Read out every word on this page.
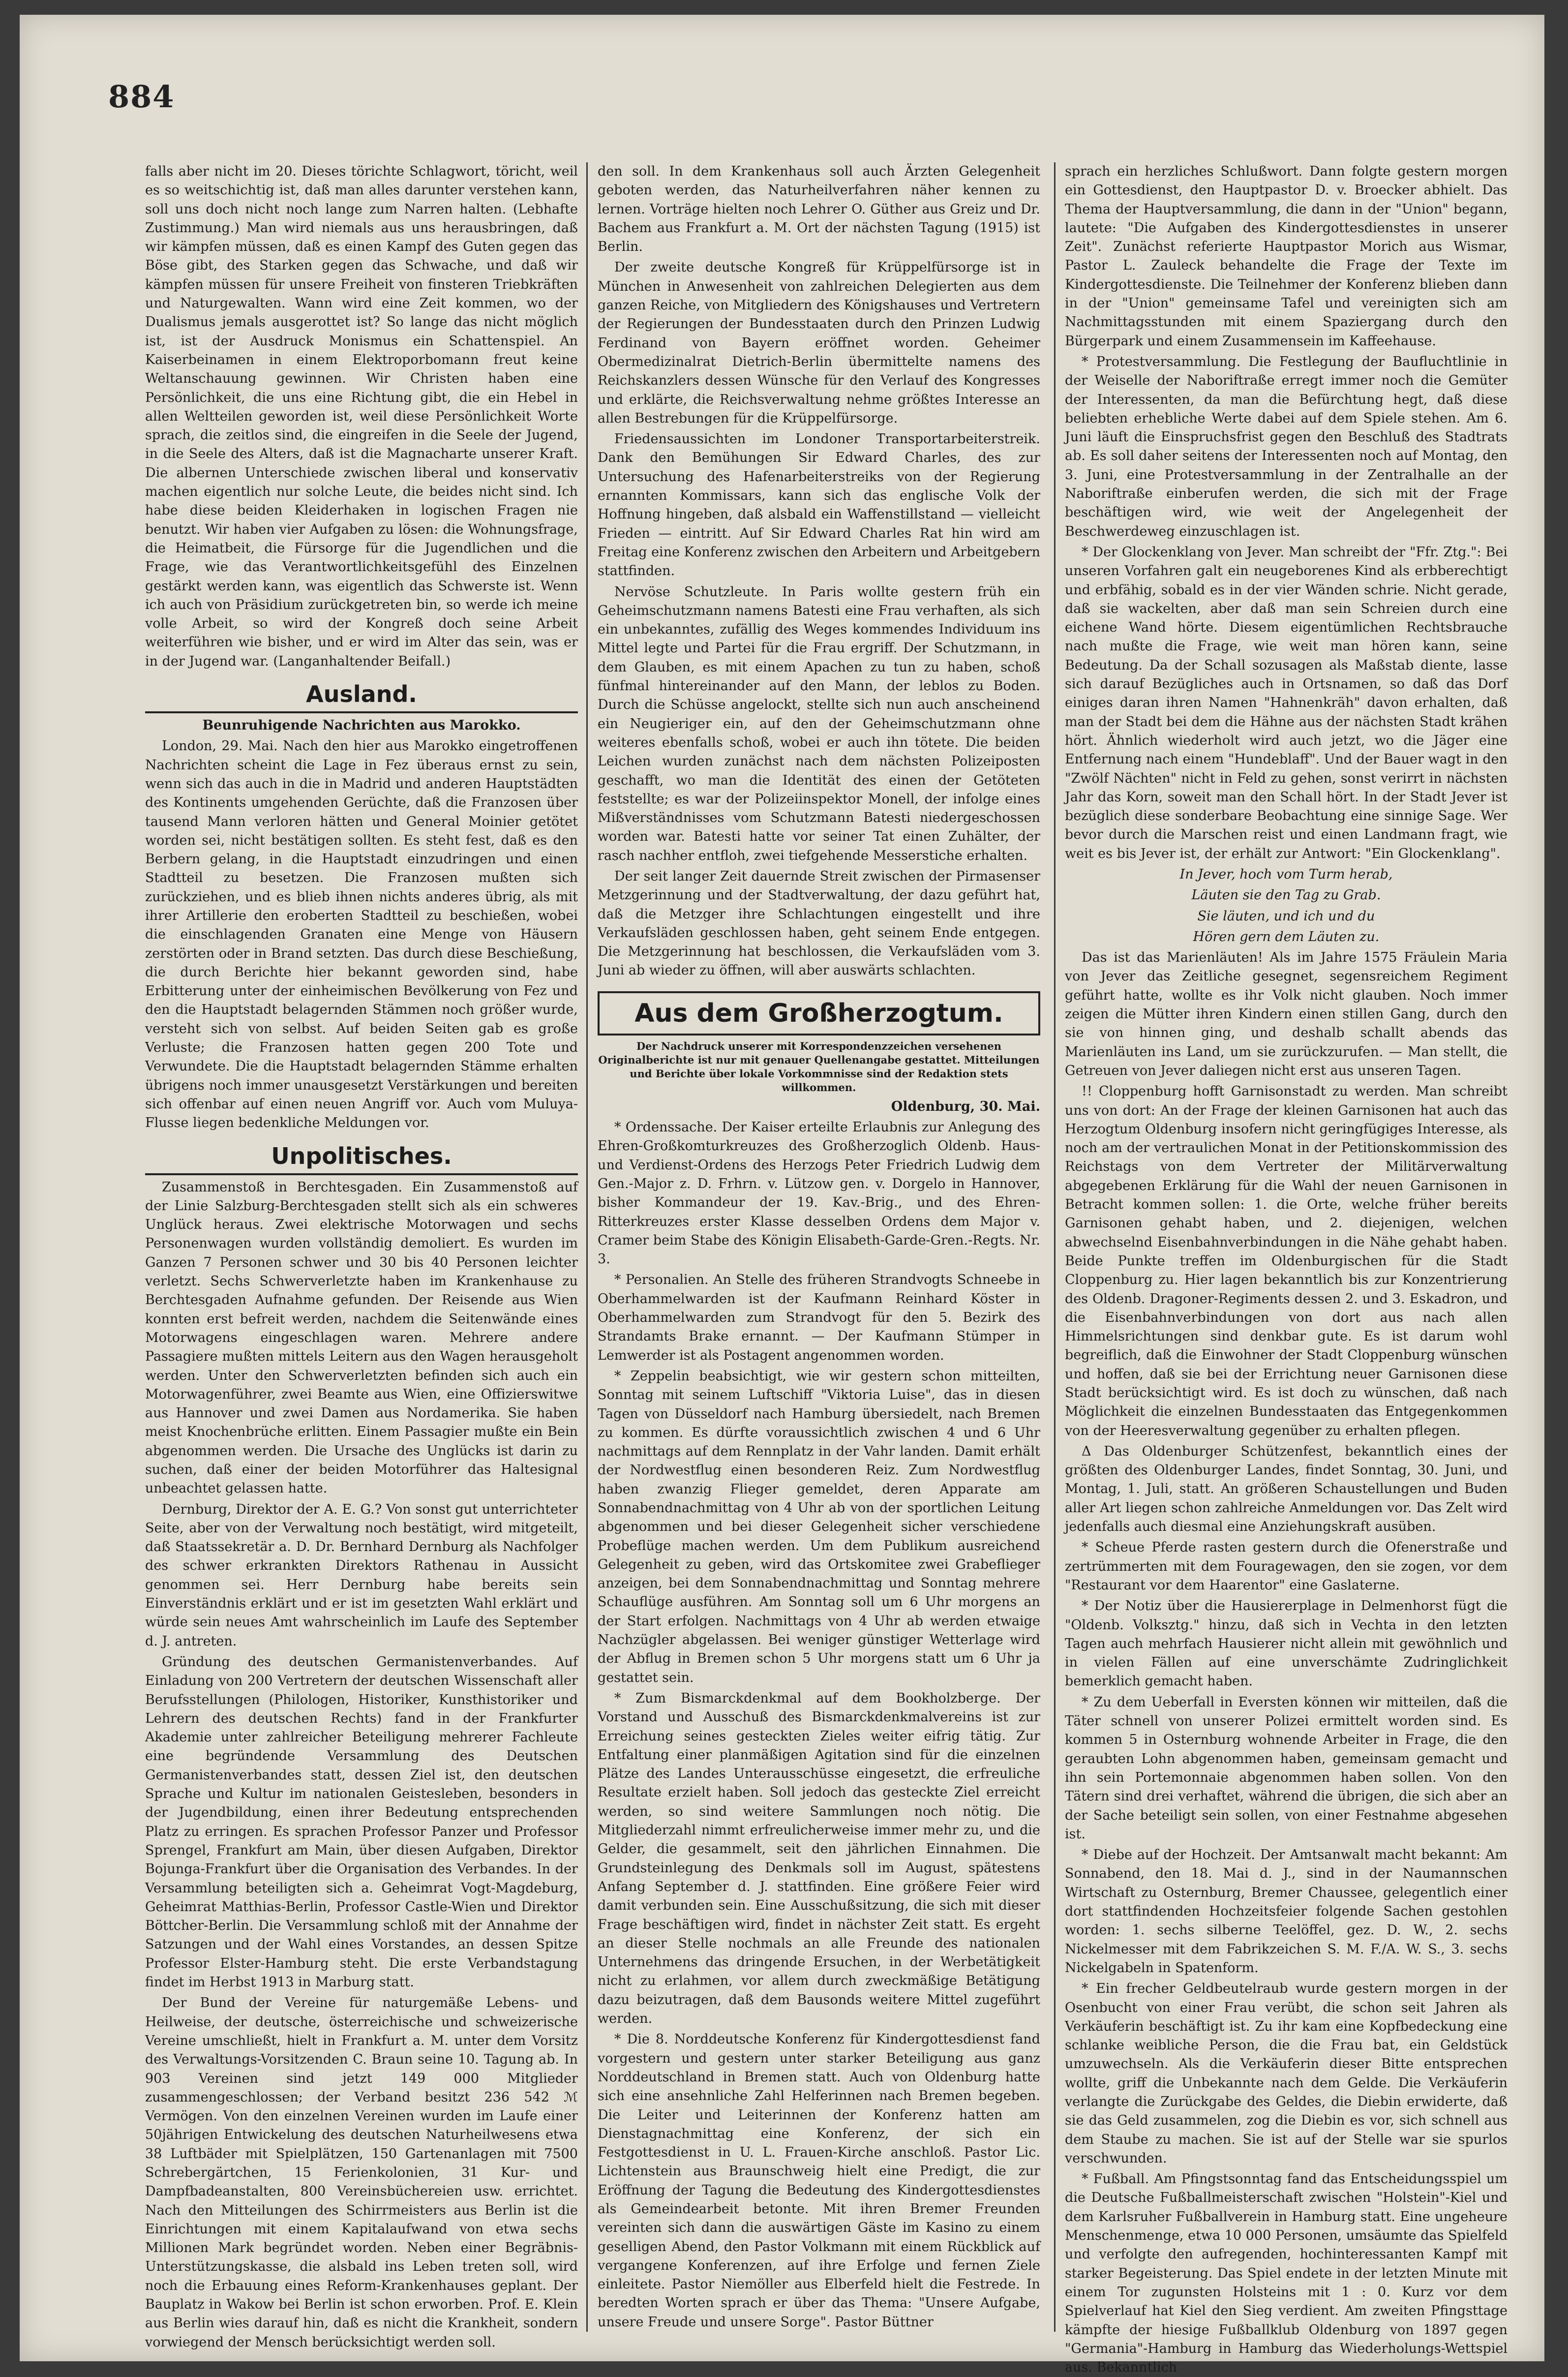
884

falls aber nicht im 20. Dieses törichte Schlagwort, töricht, weil es so weitschichtig ist, daß man alles darunter verstehen kann, soll uns doch nicht noch lange zum Narren halten. (Lebhafte Zustimmung.) Man wird niemals aus uns herausbringen, daß wir kämpfen müssen, daß es einen Kampf des Guten gegen das Böse gibt, des Starken gegen das Schwache, und daß wir kämpfen müssen für unsere Freiheit von finsteren Triebkräften und Naturgewalten. Wann wird eine Zeit kommen, wo der Dualismus jemals ausgerottet ist? So lange das nicht möglich ist, ist der Ausdruck Monismus ein Schattenspiel. An Kaiserbeinamen in einem Elektroporbomann freut keine Weltanschauung gewinnen. Wir Christen haben eine Persönlichkeit, die uns eine Richtung gibt, die ein Hebel in allen Weltteilen geworden ist, weil diese Persönlichkeit Worte sprach, die zeitlos sind, die eingreifen in die Seele der Jugend, in die Seele des Alters, daß ist die Magnacharte unserer Kraft. Die albernen Unterschiede zwischen liberal und konservativ machen eigentlich nur solche Leute, die beides nicht sind. Ich habe diese beiden Kleiderhaken in logischen Fragen nie benutzt. Wir haben vier Aufgaben zu lösen: die Wohnungsfrage, die Heimatbeit, die Fürsorge für die Jugendlichen und die Frage, wie das Verantwortlichkeitsgefühl des Einzelnen gestärkt werden kann, was eigentlich das Schwerste ist. Wenn ich auch von Präsidium zurückgetreten bin, so werde ich meine volle Arbeit, so wird der Kongreß doch seine Arbeit weiterführen wie bisher, und er wird im Alter das sein, was er in der Jugend war. (Langanhaltender Beifall.)

Ausland.

Beunruhigende Nachrichten aus Marokko.

London, 29. Mai. Nach den hier aus Marokko eingetroffenen Nachrichten scheint die Lage in Fez überaus ernst zu sein, wenn sich das auch in die in Madrid und anderen Hauptstädten des Kontinents umgehenden Gerüchte, daß die Franzosen über tausend Mann verloren hätten und General Moinier getötet worden sei, nicht bestätigen sollten. Es steht fest, daß es den Berbern gelang, in die Hauptstadt einzudringen und einen Stadtteil zu besetzen. Die Franzosen mußten sich zurückziehen, und es blieb ihnen nichts anderes übrig, als mit ihrer Artillerie den eroberten Stadtteil zu beschießen, wobei die einschlagenden Granaten eine Menge von Häusern zerstörten oder in Brand setzten. Das durch diese Beschießung, die durch Berichte hier bekannt geworden sind, habe Erbitterung unter der einheimischen Bevölkerung von Fez und den die Hauptstadt belagernden Stämmen noch größer wurde, versteht sich von selbst. Auf beiden Seiten gab es große Verluste; die Franzosen hatten gegen 200 Tote und Verwundete. Die die Hauptstadt belagernden Stämme erhalten übrigens noch immer unausgesetzt Verstärkungen und bereiten sich offenbar auf einen neuen Angriff vor. Auch vom Muluya-Flusse liegen bedenkliche Meldungen vor.

Unpolitisches.

Zusammenstoß in Berchtesgaden. Ein Zusammenstoß auf der Linie Salzburg-Berchtesgaden stellt sich als ein schweres Unglück heraus. Zwei elektrische Motorwagen und sechs Personenwagen wurden vollständig demoliert. Es wurden im Ganzen 7 Personen schwer und 30 bis 40 Personen leichter verletzt. Sechs Schwerverletzte haben im Krankenhause zu Berchtesgaden Aufnahme gefunden. Der Reisende aus Wien konnten erst befreit werden, nachdem die Seitenwände eines Motorwagens eingeschlagen waren. Mehrere andere Passagiere mußten mittels Leitern aus den Wagen herausgeholt werden. Unter den Schwerverletzten befinden sich auch ein Motorwagenführer, zwei Beamte aus Wien, eine Offizierswitwe aus Hannover und zwei Damen aus Nordamerika. Sie haben meist Knochenbrüche erlitten. Einem Passagier mußte ein Bein abgenommen werden. Die Ursache des Unglücks ist darin zu suchen, daß einer der beiden Motorführer das Haltesignal unbeachtet gelassen hatte.

Dernburg, Direktor der A. E. G.? Von sonst gut unterrichteter Seite, aber von der Verwaltung noch bestätigt, wird mitgeteilt, daß Staatssekretär a. D. Dr. Bernhard Dernburg als Nachfolger des schwer erkrankten Direktors Rathenau in Aussicht genommen sei. Herr Dernburg habe bereits sein Einverständnis erklärt und er ist im gesetzten Wahl erklärt und würde sein neues Amt wahrscheinlich im Laufe des September d. J. antreten.

Gründung des deutschen Germanistenverbandes. Auf Einladung von 200 Vertretern der deutschen Wissenschaft aller Berufsstellungen (Philologen, Historiker, Kunsthistoriker und Lehrern des deutschen Rechts) fand in der Frankfurter Akademie unter zahlreicher Beteiligung mehrerer Fachleute eine begründende Versammlung des Deutschen Germanistenverbandes statt, dessen Ziel ist, den deutschen Sprache und Kultur im nationalen Geistesleben, besonders in der Jugendbildung, einen ihrer Bedeutung entsprechenden Platz zu erringen. Es sprachen Professor Panzer und Professor Sprengel, Frankfurt am Main, über diesen Aufgaben, Direktor Bojunga-Frankfurt über die Organisation des Verbandes. In der Versammlung beteiligten sich a. Geheimrat Vogt-Magdeburg, Geheimrat Matthias-Berlin, Professor Castle-Wien und Direktor Böttcher-Berlin. Die Versammlung schloß mit der Annahme der Satzungen und der Wahl eines Vorstandes, an dessen Spitze Professor Elster-Hamburg steht. Die erste Verbandstagung findet im Herbst 1913 in Marburg statt.

Der Bund der Vereine für naturgemäße Lebens- und Heilweise, der deutsche, österreichische und schweizerische Vereine umschließt, hielt in Frankfurt a. M. unter dem Vorsitz des Verwaltungs-Vorsitzenden C. Braun seine 10. Tagung ab. In 903 Vereinen sind jetzt 149 000 Mitglieder zusammengeschlossen; der Verband besitzt 236 542 ℳ Vermögen. Von den einzelnen Vereinen wurden im Laufe einer 50jährigen Entwickelung des deutschen Naturheilwesens etwa 38 Luftbäder mit Spielplätzen, 150 Gartenanlagen mit 7500 Schrebergärtchen, 15 Ferienkolonien, 31 Kur- und Dampfbadeanstalten, 800 Vereinsbüchereien usw. errichtet. Nach den Mitteilungen des Schirrmeisters aus Berlin ist die Einrichtungen mit einem Kapitalaufwand von etwa sechs Millionen Mark begründet worden. Neben einer Begräbnis-Unterstützungskasse, die alsbald ins Leben treten soll, wird noch die Erbauung eines Reform-Krankenhauses geplant. Der Bauplatz in Wakow bei Berlin ist schon erworben. Prof. E. Klein aus Berlin wies darauf hin, daß es nicht die Krankheit, sondern vorwiegend der Mensch berücksichtigt werden soll.

den soll. In dem Krankenhaus soll auch Ärzten Gelegenheit geboten werden, das Naturheilverfahren näher kennen zu lernen. Vorträge hielten noch Lehrer O. Güther aus Greiz und Dr. Bachem aus Frankfurt a. M. Ort der nächsten Tagung (1915) ist Berlin.

Der zweite deutsche Kongreß für Krüppelfürsorge ist in München in Anwesenheit von zahlreichen Delegierten aus dem ganzen Reiche, von Mitgliedern des Königshauses und Vertretern der Regierungen der Bundesstaaten durch den Prinzen Ludwig Ferdinand von Bayern eröffnet worden. Geheimer Obermedizinalrat Dietrich-Berlin übermittelte namens des Reichskanzlers dessen Wünsche für den Verlauf des Kongresses und erklärte, die Reichsverwaltung nehme größtes Interesse an allen Bestrebungen für die Krüppelfürsorge.

Friedensaussichten im Londoner Transportarbeiterstreik. Dank den Bemühungen Sir Edward Charles, des zur Untersuchung des Hafenarbeiterstreiks von der Regierung ernannten Kommissars, kann sich das englische Volk der Hoffnung hingeben, daß alsbald ein Waffenstillstand — vielleicht Frieden — eintritt. Auf Sir Edward Charles Rat hin wird am Freitag eine Konferenz zwischen den Arbeitern und Arbeitgebern stattfinden.

Nervöse Schutzleute. In Paris wollte gestern früh ein Geheimschutzmann namens Batesti eine Frau verhaften, als sich ein unbekanntes, zufällig des Weges kommendes Individuum ins Mittel legte und Partei für die Frau ergriff. Der Schutzmann, in dem Glauben, es mit einem Apachen zu tun zu haben, schoß fünfmal hintereinander auf den Mann, der leblos zu Boden. Durch die Schüsse angelockt, stellte sich nun auch anscheinend ein Neugieriger ein, auf den der Geheimschutzmann ohne weiteres ebenfalls schoß, wobei er auch ihn tötete. Die beiden Leichen wurden zunächst nach dem nächsten Polizeiposten geschafft, wo man die Identität des einen der Getöteten feststellte; es war der Polizeiinspektor Monell, der infolge eines Mißverständnisses vom Schutzmann Batesti niedergeschossen worden war. Batesti hatte vor seiner Tat einen Zuhälter, der rasch nachher entfloh, zwei tiefgehende Messerstiche erhalten.

Der seit langer Zeit dauernde Streit zwischen der Pirmasenser Metzgerinnung und der Stadtverwaltung, der dazu geführt hat, daß die Metzger ihre Schlachtungen eingestellt und ihre Verkaufsläden geschlossen haben, geht seinem Ende entgegen. Die Metzgerinnung hat beschlossen, die Verkaufsläden vom 3. Juni ab wieder zu öffnen, will aber auswärts schlachten.

Aus dem Großherzogtum.

Der Nachdruck unserer mit Korrespondenzzeichen versehenen Originalberichte ist nur mit genauer Quellenangabe gestattet. Mitteilungen und Berichte über lokale Vorkommnisse sind der Redaktion stets willkommen.

Oldenburg, 30. Mai.

* Ordenssache. Der Kaiser erteilte Erlaubnis zur Anlegung des Ehren-Großkomturkreuzes des Großherzoglich Oldenb. Haus- und Verdienst-Ordens des Herzogs Peter Friedrich Ludwig dem Gen.-Major z. D. Frhrn. v. Lützow gen. v. Dorgelo in Hannover, bisher Kommandeur der 19. Kav.-Brig., und des Ehren-Ritterkreuzes erster Klasse desselben Ordens dem Major v. Cramer beim Stabe des Königin Elisabeth-Garde-Gren.-Regts. Nr. 3.

* Personalien. An Stelle des früheren Strandvogts Schneebe in Oberhammelwarden ist der Kaufmann Reinhard Köster in Oberhammelwarden zum Strandvogt für den 5. Bezirk des Strandamts Brake ernannt. — Der Kaufmann Stümper in Lemwerder ist als Postagent angenommen worden.

* Zeppelin beabsichtigt, wie wir gestern schon mitteilten, Sonntag mit seinem Luftschiff "Viktoria Luise", das in diesen Tagen von Düsseldorf nach Hamburg übersiedelt, nach Bremen zu kommen. Es dürfte voraussichtlich zwischen 4 und 6 Uhr nachmittags auf dem Rennplatz in der Vahr landen. Damit erhält der Nordwestflug einen besonderen Reiz. Zum Nordwestflug haben zwanzig Flieger gemeldet, deren Apparate am Sonnabendnachmittag von 4 Uhr ab von der sportlichen Leitung abgenommen und bei dieser Gelegenheit sicher verschiedene Probeflüge machen werden. Um dem Publikum ausreichend Gelegenheit zu geben, wird das Ortskomitee zwei Grabeflieger anzeigen, bei dem Sonnabendnachmittag und Sonntag mehrere Schauflüge ausführen. Am Sonntag soll um 6 Uhr morgens an der Start erfolgen. Nachmittags von 4 Uhr ab werden etwaige Nachzügler abgelassen. Bei weniger günstiger Wetterlage wird der Abflug in Bremen schon 5 Uhr morgens statt um 6 Uhr ja gestattet sein.

* Zum Bismarckdenkmal auf dem Bookholzberge. Der Vorstand und Ausschuß des Bismarckdenkmalvereins ist zur Erreichung seines gesteckten Zieles weiter eifrig tätig. Zur Entfaltung einer planmäßigen Agitation sind für die einzelnen Plätze des Landes Unterausschüsse eingesetzt, die erfreuliche Resultate erzielt haben. Soll jedoch das gesteckte Ziel erreicht werden, so sind weitere Sammlungen noch nötig. Die Mitgliederzahl nimmt erfreulicherweise immer mehr zu, und die Gelder, die gesammelt, seit den jährlichen Einnahmen. Die Grundsteinlegung des Denkmals soll im August, spätestens Anfang September d. J. stattfinden. Eine größere Feier wird damit verbunden sein. Eine Ausschußsitzung, die sich mit dieser Frage beschäftigen wird, findet in nächster Zeit statt. Es ergeht an dieser Stelle nochmals an alle Freunde des nationalen Unternehmens das dringende Ersuchen, in der Werbetätigkeit nicht zu erlahmen, vor allem durch zweckmäßige Betätigung dazu beizutragen, daß dem Bausonds weitere Mittel zugeführt werden.

* Die 8. Norddeutsche Konferenz für Kindergottesdienst fand vorgestern und gestern unter starker Beteiligung aus ganz Norddeutschland in Bremen statt. Auch von Oldenburg hatte sich eine ansehnliche Zahl Helferinnen nach Bremen begeben. Die Leiter und Leiterinnen der Konferenz hatten am Dienstagnachmittag eine Konferenz, der sich ein Festgottesdienst in U. L. Frauen-Kirche anschloß. Pastor Lic. Lichtenstein aus Braunschweig hielt eine Predigt, die zur Eröffnung der Tagung die Bedeutung des Kindergottesdienstes als Gemeindearbeit betonte. Mit ihren Bremer Freunden vereinten sich dann die auswärtigen Gäste im Kasino zu einem geselligen Abend, den Pastor Volkmann mit einem Rückblick auf vergangene Konferenzen, auf ihre Erfolge und fernen Ziele einleitete. Pastor Niemöller aus Elberfeld hielt die Festrede. In beredten Worten sprach er über das Thema: "Unsere Aufgabe, unsere Freude und unsere Sorge". Pastor Büttner

sprach ein herzliches Schlußwort. Dann folgte gestern morgen ein Gottesdienst, den Hauptpastor D. v. Broecker abhielt. Das Thema der Hauptversammlung, die dann in der "Union" begann, lautete: "Die Aufgaben des Kindergottesdienstes in unserer Zeit". Zunächst referierte Hauptpastor Morich aus Wismar, Pastor L. Zauleck behandelte die Frage der Texte im Kindergottesdienste. Die Teilnehmer der Konferenz blieben dann in der "Union" gemeinsame Tafel und vereinigten sich am Nachmittagsstunden mit einem Spaziergang durch den Bürgerpark und einem Zusammensein im Kaffeehause.

* Protestversammlung. Die Festlegung der Baufluchtlinie in der Weiselle der Naboriftraße erregt immer noch die Gemüter der Interessenten, da man die Befürchtung hegt, daß diese beliebten erhebliche Werte dabei auf dem Spiele stehen. Am 6. Juni läuft die Einspruchsfrist gegen den Beschluß des Stadtrats ab. Es soll daher seitens der Interessenten noch auf Montag, den 3. Juni, eine Protestversammlung in der Zentralhalle an der Naboriftraße einberufen werden, die sich mit der Frage beschäftigen wird, wie weit der Angelegenheit der Beschwerdeweg einzuschlagen ist.

* Der Glockenklang von Jever. Man schreibt der "Ffr. Ztg.": Bei unseren Vorfahren galt ein neugeborenes Kind als erbberechtigt und erbfähig, sobald es in der vier Wänden schrie. Nicht gerade, daß sie wackelten, aber daß man sein Schreien durch eine eichene Wand hörte. Diesem eigentümlichen Rechtsbrauche nach mußte die Frage, wie weit man hören kann, seine Bedeutung. Da der Schall sozusagen als Maßstab diente, lasse sich darauf Bezügliches auch in Ortsnamen, so daß das Dorf einiges daran ihren Namen "Hahnenkräh" davon erhalten, daß man der Stadt bei dem die Hähne aus der nächsten Stadt krähen hört. Ähnlich wiederholt wird auch jetzt, wo die Jäger eine Entfernung nach einem "Hundeblaff". Und der Bauer wagt in den "Zwölf Nächten" nicht in Feld zu gehen, sonst verirrt in nächsten Jahr das Korn, soweit man den Schall hört. In der Stadt Jever ist bezüglich diese sonderbare Beobachtung eine sinnige Sage. Wer bevor durch die Marschen reist und einen Landmann fragt, wie weit es bis Jever ist, der erhält zur Antwort: "Ein Glockenklang".

In Jever, hoch vom Turm herab,

Läuten sie den Tag zu Grab.

Sie läuten, und ich und du

Hören gern dem Läuten zu.

Das ist das Marienläuten! Als im Jahre 1575 Fräulein Maria von Jever das Zeitliche gesegnet, segensreichem Regiment geführt hatte, wollte es ihr Volk nicht glauben. Noch immer zeigen die Mütter ihren Kindern einen stillen Gang, durch den sie von hinnen ging, und deshalb schallt abends das Marienläuten ins Land, um sie zurückzurufen. — Man stellt, die Getreuen von Jever daliegen nicht erst aus unseren Tagen.

!! Cloppenburg hofft Garnisonstadt zu werden. Man schreibt uns von dort: An der Frage der kleinen Garnisonen hat auch das Herzogtum Oldenburg insofern nicht geringfügiges Interesse, als noch am der vertraulichen Monat in der Petitionskommission des Reichstags von dem Vertreter der Militärverwaltung abgegebenen Erklärung für die Wahl der neuen Garnisonen in Betracht kommen sollen: 1. die Orte, welche früher bereits Garnisonen gehabt haben, und 2. diejenigen, welchen abwechselnd Eisenbahnverbindungen in die Nähe gehabt haben. Beide Punkte treffen im Oldenburgischen für die Stadt Cloppenburg zu. Hier lagen bekanntlich bis zur Konzentrierung des Oldenb. Dragoner-Regiments dessen 2. und 3. Eskadron, und die Eisenbahnverbindungen von dort aus nach allen Himmelsrichtungen sind denkbar gute. Es ist darum wohl begreiflich, daß die Einwohner der Stadt Cloppenburg wünschen und hoffen, daß sie bei der Errichtung neuer Garnisonen diese Stadt berücksichtigt wird. Es ist doch zu wünschen, daß nach Möglichkeit die einzelnen Bundesstaaten das Entgegenkommen von der Heeresverwaltung gegenüber zu erhalten pflegen.

Δ Das Oldenburger Schützenfest, bekanntlich eines der größten des Oldenburger Landes, findet Sonntag, 30. Juni, und Montag, 1. Juli, statt. An größeren Schaustellungen und Buden aller Art liegen schon zahlreiche Anmeldungen vor. Das Zelt wird jedenfalls auch diesmal eine Anziehungskraft ausüben.

* Scheue Pferde rasten gestern durch die Ofenerstraße und zertrümmerten mit dem Fouragewagen, den sie zogen, vor dem "Restaurant vor dem Haarentor" eine Gaslaterne.

* Der Notiz über die Hausiererplage in Delmenhorst fügt die "Oldenb. Volksztg." hinzu, daß sich in Vechta in den letzten Tagen auch mehrfach Hausierer nicht allein mit gewöhnlich und in vielen Fällen auf eine unverschämte Zudringlichkeit bemerklich gemacht haben.

* Zu dem Ueberfall in Eversten können wir mitteilen, daß die Täter schnell von unserer Polizei ermittelt worden sind. Es kommen 5 in Osternburg wohnende Arbeiter in Frage, die den geraubten Lohn abgenommen haben, gemeinsam gemacht und ihn sein Portemonnaie abgenommen haben sollen. Von den Tätern sind drei verhaftet, während die übrigen, die sich aber an der Sache beteiligt sein sollen, von einer Festnahme abgesehen ist.

* Diebe auf der Hochzeit. Der Amtsanwalt macht bekannt: Am Sonnabend, den 18. Mai d. J., sind in der Naumannschen Wirtschaft zu Osternburg, Bremer Chaussee, gelegentlich einer dort stattfindenden Hochzeitsfeier folgende Sachen gestohlen worden: 1. sechs silberne Teelöffel, gez. D. W., 2. sechs Nickelmesser mit dem Fabrikzeichen S. M. F./A. W. S., 3. sechs Nickelgabeln in Spatenform.

* Ein frecher Geldbeutelraub wurde gestern morgen in der Osenbucht von einer Frau verübt, die schon seit Jahren als Verkäuferin beschäftigt ist. Zu ihr kam eine Kopfbedeckung eine schlanke weibliche Person, die die Frau bat, ein Geldstück umzuwechseln. Als die Verkäuferin dieser Bitte entsprechen wollte, griff die Unbekannte nach dem Gelde. Die Verkäuferin verlangte die Zurückgabe des Geldes, die Diebin erwiderte, daß sie das Geld zusammelen, zog die Diebin es vor, sich schnell aus dem Staube zu machen. Sie ist auf der Stelle war sie spurlos verschwunden.

* Fußball. Am Pfingstsonntag fand das Entscheidungsspiel um die Deutsche Fußballmeisterschaft zwischen "Holstein"-Kiel und dem Karlsruher Fußballverein in Hamburg statt. Eine ungeheure Menschenmenge, etwa 10 000 Personen, umsäumte das Spielfeld und verfolgte den aufregenden, hochinteressanten Kampf mit starker Begeisterung. Das Spiel endete in der letzten Minute mit einem Tor zugunsten Holsteins mit 1 : 0. Kurz vor dem Spielverlauf hat Kiel den Sieg verdient. Am zweiten Pfingsttage kämpfte der hiesige Fußballklub Oldenburg von 1897 gegen "Germania"-Hamburg in Hamburg das Wiederholungs-Wettspiel aus. Bekanntlich
